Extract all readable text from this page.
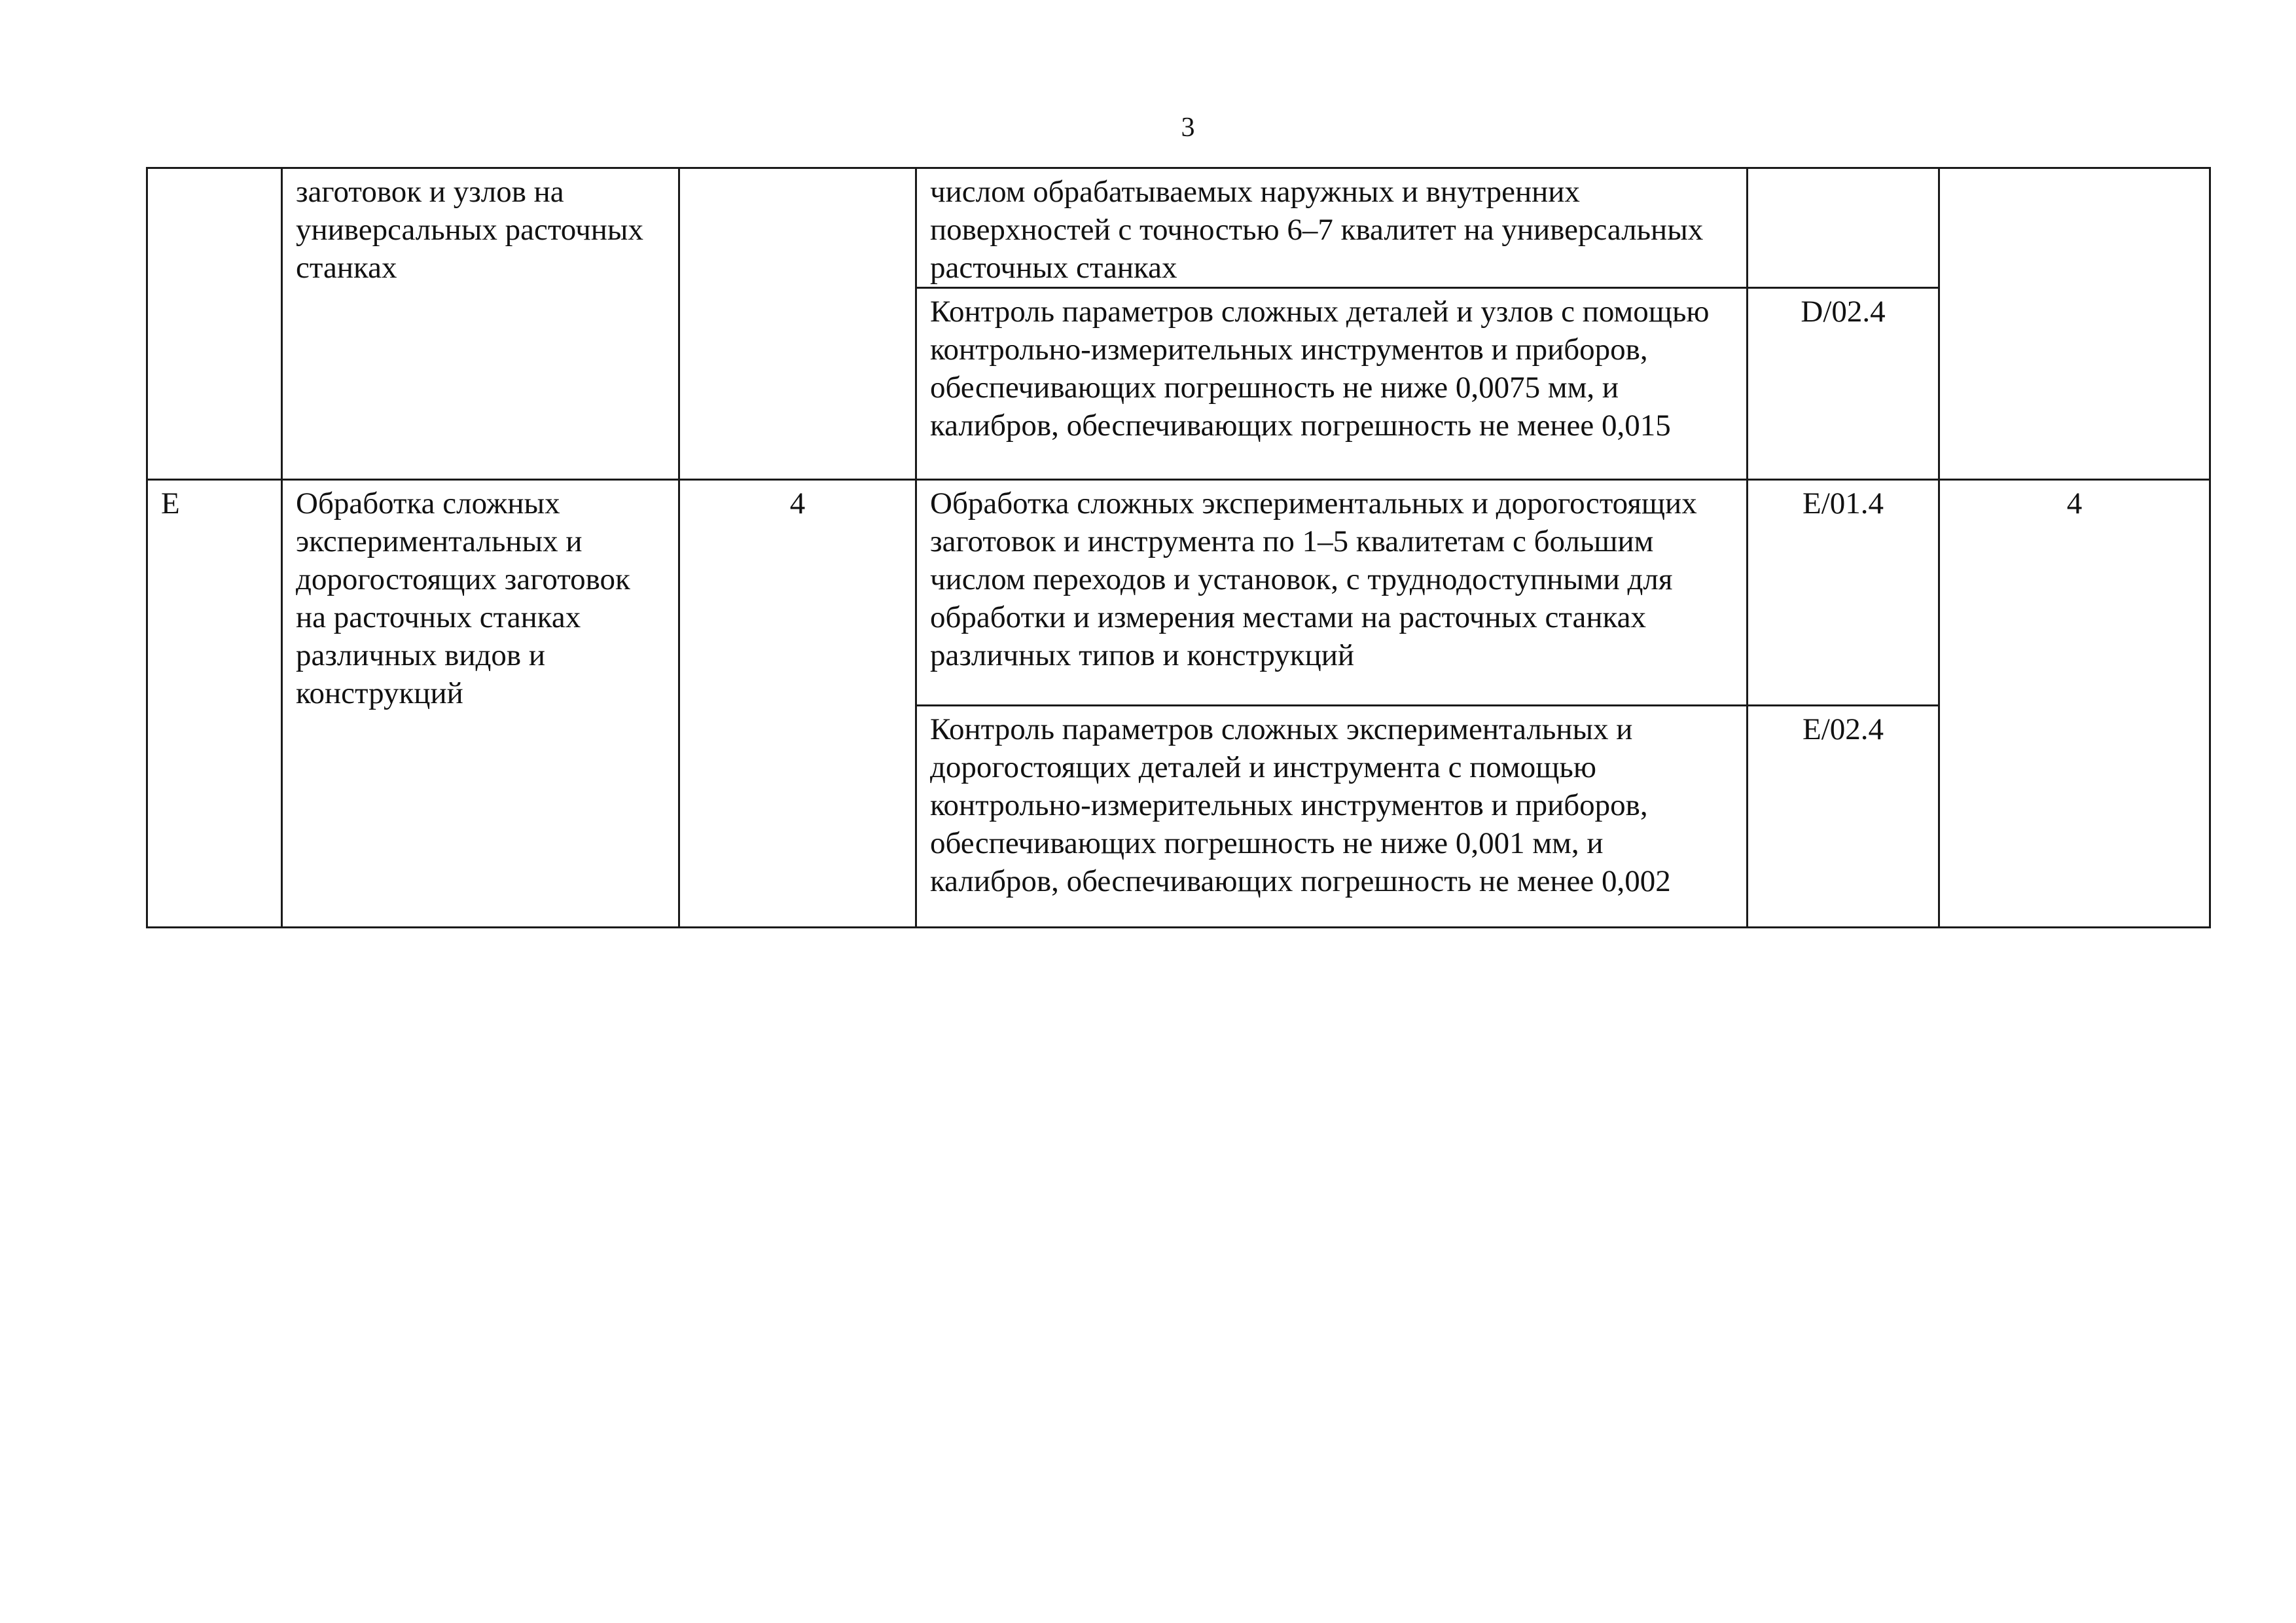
3
	заготовок и узлов на универсальных расточных станках		числом обрабатываемых наружных и внутренних поверхностей с точностью 6–7 квалитет на универсальных расточных станках		
			Контроль параметров сложных деталей и узлов с помощью контрольно-измерительных инструментов и приборов, обеспечивающих погрешность не ниже 0,0075 мм, и калибров, обеспечивающих погрешность не менее 0,015	D/02.4	
E	Обработка сложных экспериментальных и дорогостоящих заготовок на расточных станках различных видов и конструкций	4	Обработка сложных экспериментальных и дорогостоящих заготовок и инструмента по 1–5 квалитетам с большим числом переходов и установок, с труднодоступными для обработки и измерения местами на расточных станках различных типов и конструкций	E/01.4	4
			Контроль параметров сложных экспериментальных и дорогостоящих деталей и инструмента с помощью контрольно-измерительных инструментов и приборов, обеспечивающих погрешность не ниже 0,001 мм, и калибров, обеспечивающих погрешность не менее 0,002	E/02.4	
